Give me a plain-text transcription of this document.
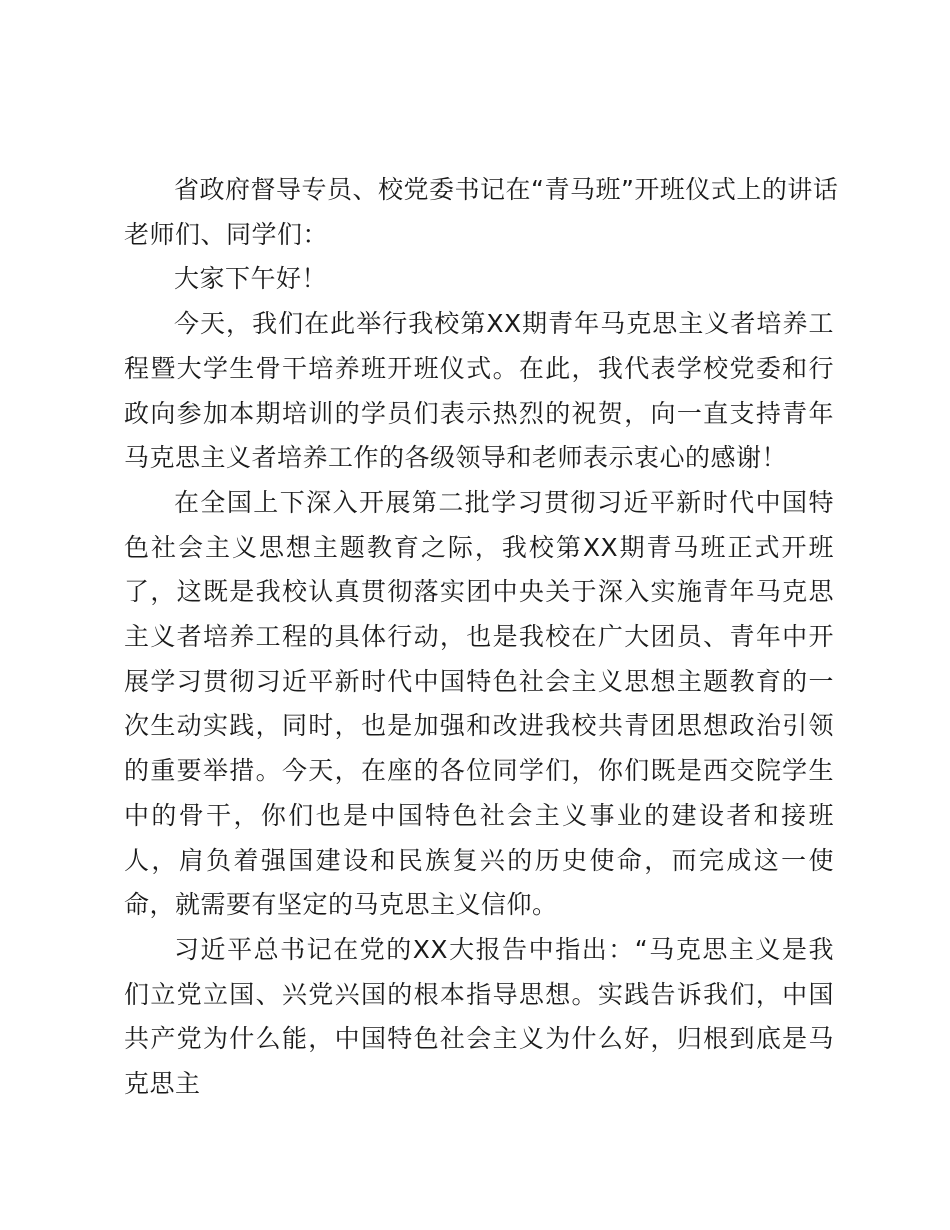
省政府督导专员、校党委书记在“青马班”开班仪式上的讲话

老师们、同学们：

大家下午好！

今天，我们在此举行我校第XX期青年马克思主义者培养工程暨大学生骨干培养班开班仪式。在此，我代表学校党委和行政向参加本期培训的学员们表示热烈的祝贺，向一直支持青年马克思主义者培养工作的各级领导和老师表示衷心的感谢！

在全国上下深入开展第二批学习贯彻习近平新时代中国特色社会主义思想主题教育之际，我校第XX期青马班正式开班了，这既是我校认真贯彻落实团中央关于深入实施青年马克思主义者培养工程的具体行动，也是我校在广大团员、青年中开展学习贯彻习近平新时代中国特色社会主义思想主题教育的一次生动实践，同时，也是加强和改进我校共青团思想政治引领的重要举措。今天，在座的各位同学们，你们既是西交院学生中的骨干，你们也是中国特色社会主义事业的建设者和接班人，肩负着强国建设和民族复兴的历史使命，而完成这一使命，就需要有坚定的马克思主义信仰。

习近平总书记在党的XX大报告中指出：“马克思主义是我们立党立国、兴党兴国的根本指导思想。实践告诉我们，中国共产党为什么能，中国特色社会主义为什么好，归根到底是马克思主
